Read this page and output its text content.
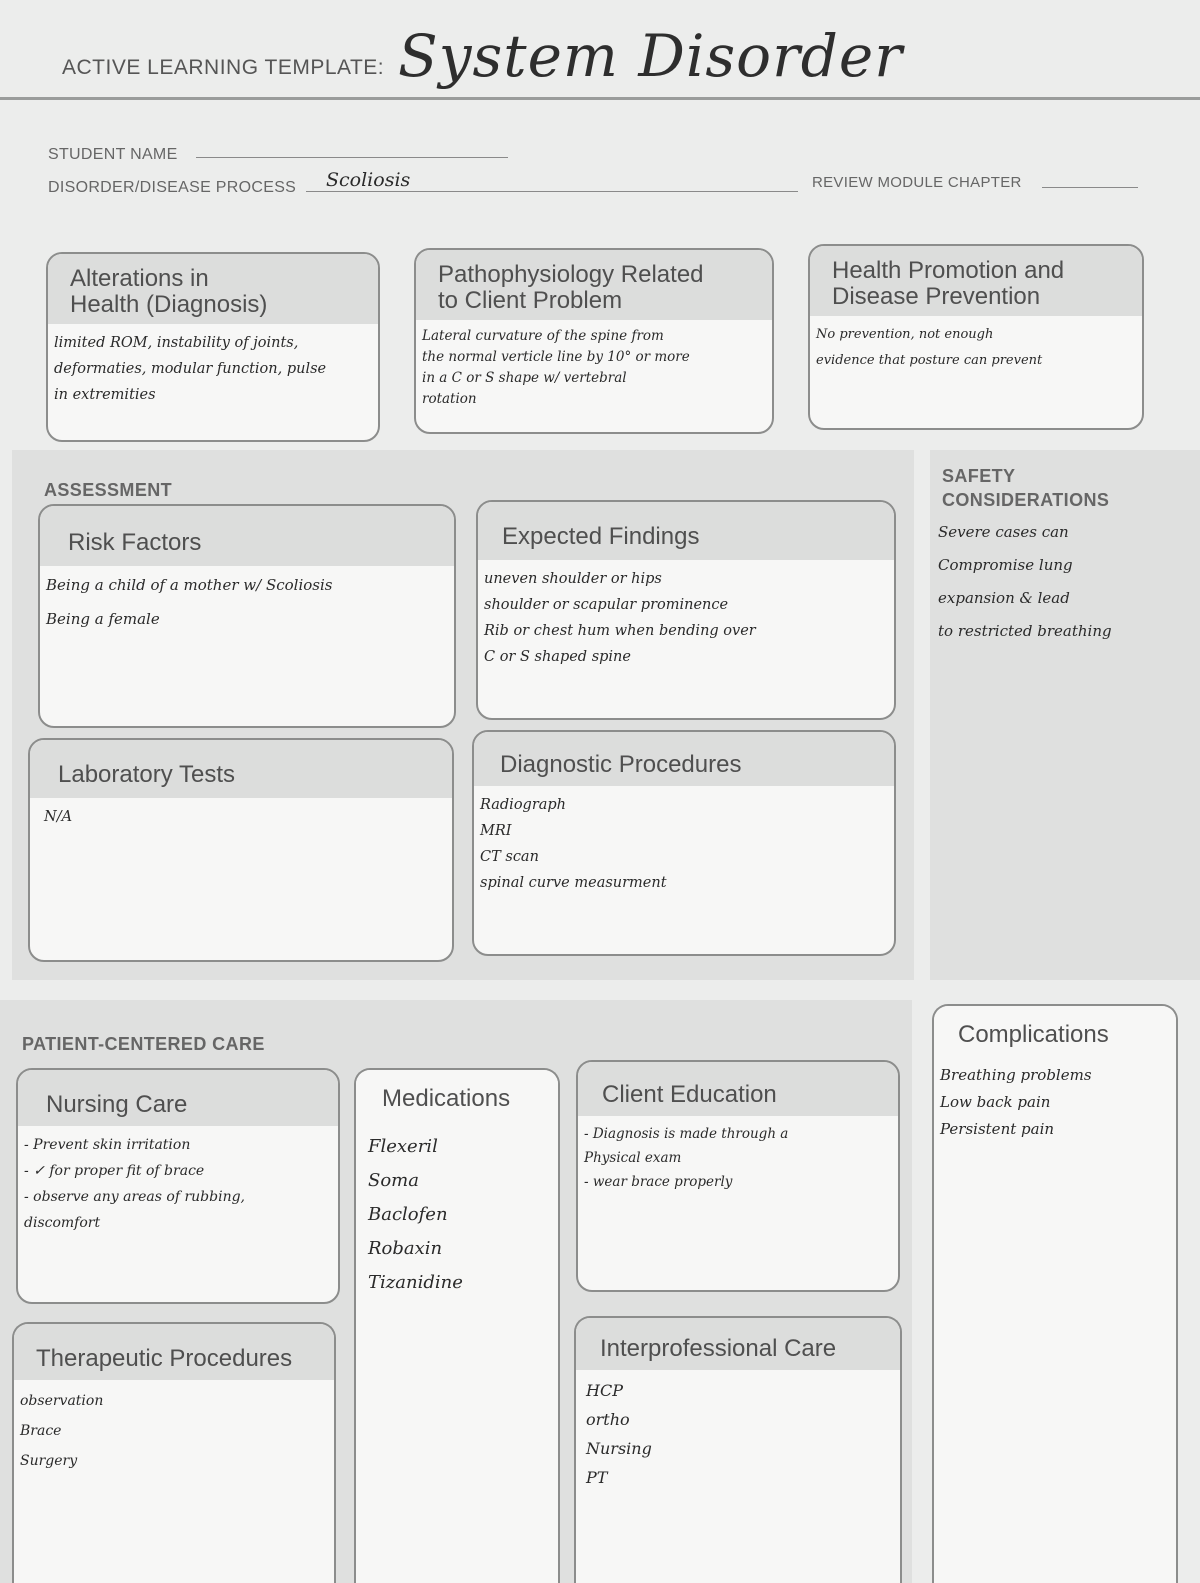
ACTIVE LEARNING TEMPLATE: System Disorder
STUDENT NAME
DISORDER/DISEASE PROCESS Scoliosis	REVIEW MODULE CHAPTER
Alterations in
Health (Diagnosis)
limited ROM, instability of joints,
deformaties, modular function, pulse
in extremities
Pathophysiology Related
to Client Problem
Lateral curvature of the spine from
the normal verticle line by 10° or more
in a C or S shape w/ vertebral
rotation
Health Promotion and
Disease Prevention
No prevention, not enough
evidence that posture can prevent
ASSESSMENT
SAFETY
CONSIDERATIONS
Severe cases can
Compromise lung
expansion & lead
to restricted breathing
Risk Factors
Being a child of a mother w/ Scoliosis
Being a female
Expected Findings
uneven shoulder or hips
shoulder or scapular prominence
Rib or chest hum when bending over
C or S shaped spine
Laboratory Tests
N/A
Diagnostic Procedures
Radiograph
MRI
CT scan
spinal curve measurment
PATIENT-CENTERED CARE
Nursing Care
- Prevent skin irritation
- ✓ for proper fit of brace
- observe any areas of rubbing,
discomfort
Therapeutic Procedures
observation
Brace
Surgery
Medications
Flexeril
Soma
Baclofen
Robaxin
Tizanidine
Client Education
- Diagnosis is made through a
Physical exam
- wear brace properly
Interprofessional Care
HCP
ortho
Nursing
PT
Complications
Breathing problems
Low back pain
Persistent pain
